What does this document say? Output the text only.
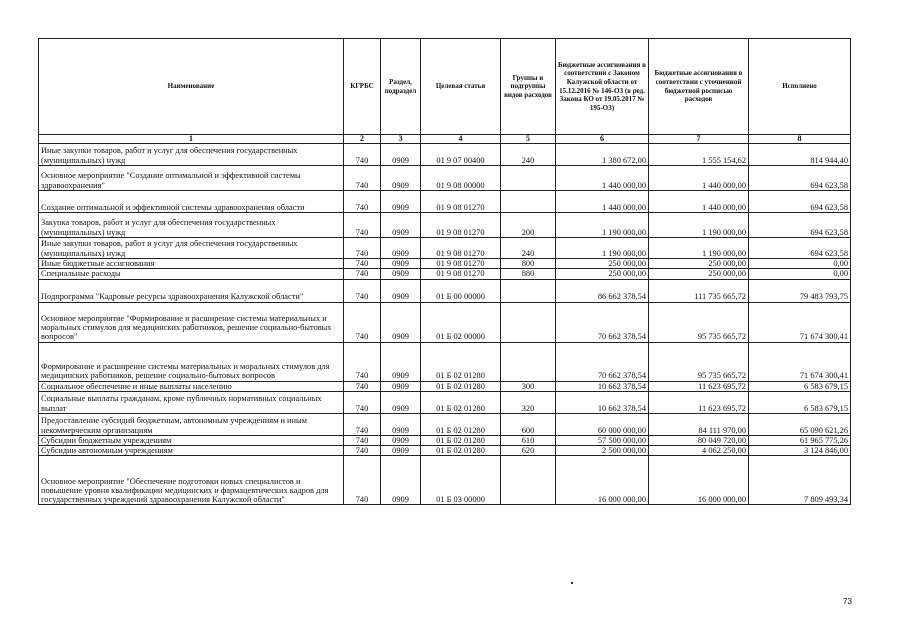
Наименование	КГРБС	Раздел, подраздел	Целевая статья	Группы и подгруппы видов расходов	Бюджетные ассигнования в соответствии с Законом Калужской области от 15.12.2016 № 146-ОЗ (в ред. Закона КО от 19.05.2017 № 195-ОЗ)	Бюджетные ассигнования в соответствии с уточненной бюджетной росписью расходов	Исполнено
1	2	3	4	5	6	7	8
Иные закупки товаров, работ и услуг для обеспечения государственных (муниципальных) нужд	740	0909	01 9 07 00400	240	1 380 672,00	1 555 154,62	814 944,40
Основное мероприятие "Создание оптимальной и эффективной системы здравоохранения"	740	0909	01 9 08 00000		1 440 000,00	1 440 000,00	694 623,58
Создание оптимальной и эффективной системы здравоохранения области	740	0909	01 9 08 01270		1 440 000,00	1 440 000,00	694 623,58
Закупка товаров, работ и услуг для обеспечения государственных (муниципальных) нужд	740	0909	01 9 08 01270	200	1 190 000,00	1 190 000,00	694 623,58
Иные закупки товаров, работ и услуг для обеспечения государственных (муниципальных) нужд	740	0909	01 9 08 01270	240	1 190 000,00	1 190 000,00	694 623,58
Иные бюджетные ассигнования	740	0909	01 9 08 01270	800	250 000,00	250 000,00	0,00
Специальные расходы	740	0909	01 9 08 01270	880	250 000,00	250 000,00	0,00
Подпрограмма "Кадровые ресурсы здравоохранения Калужской области"	740	0909	01 Б 00 00000		86 662 378,54	111 735 665,72	79 483 793,75
Основное мероприятие "Формирование и расширение системы материальных и моральных стимулов для медицинских работников, решение социально-бытовых вопросов"	740	0909	01 Б 02 00000		70 662 378,54	95 735 665,72	71 674 300,41
Формирование и расширение системы материальных и моральных стимулов для медицинских работников, решение социально-бытовых вопросов	740	0909	01 Б 02 01280		70 662 378,54	95 735 665,72	71 674 300,41
Социальное обеспечение и иные выплаты населению	740	0909	01 Б 02 01280	300	10 662 378,54	11 623 695,72	6 583 679,15
Социальные выплаты гражданам, кроме публичных нормативных социальных выплат	740	0909	01 Б 02 01280	320	10 662 378,54	11 623 695,72	6 583 679,15
Предоставление субсидий бюджетным, автономным учреждениям и иным некоммерческим организациям	740	0909	01 Б 02 01280	600	60 000 000,00	84 111 970,00	65 090 621,26
Субсидии бюджетным учреждениям	740	0909	01 Б 02 01280	610	57 500 000,00	80 049 720,00	61 965 775,26
Субсидии автономным учреждениям	740	0909	01 Б 02 01280	620	2 500 000,00	4 062 250,00	3 124 846,00
Основное мероприятие "Обеспечение подготовки новых специалистов и повышение уровня квалификации медицинских и фармацевтических кадров для государственных учреждений здравоохранения Калужской области"	740	0909	01 Б 03 00000		16 000 000,00	16 000 000,00	7 809 493,34
73
